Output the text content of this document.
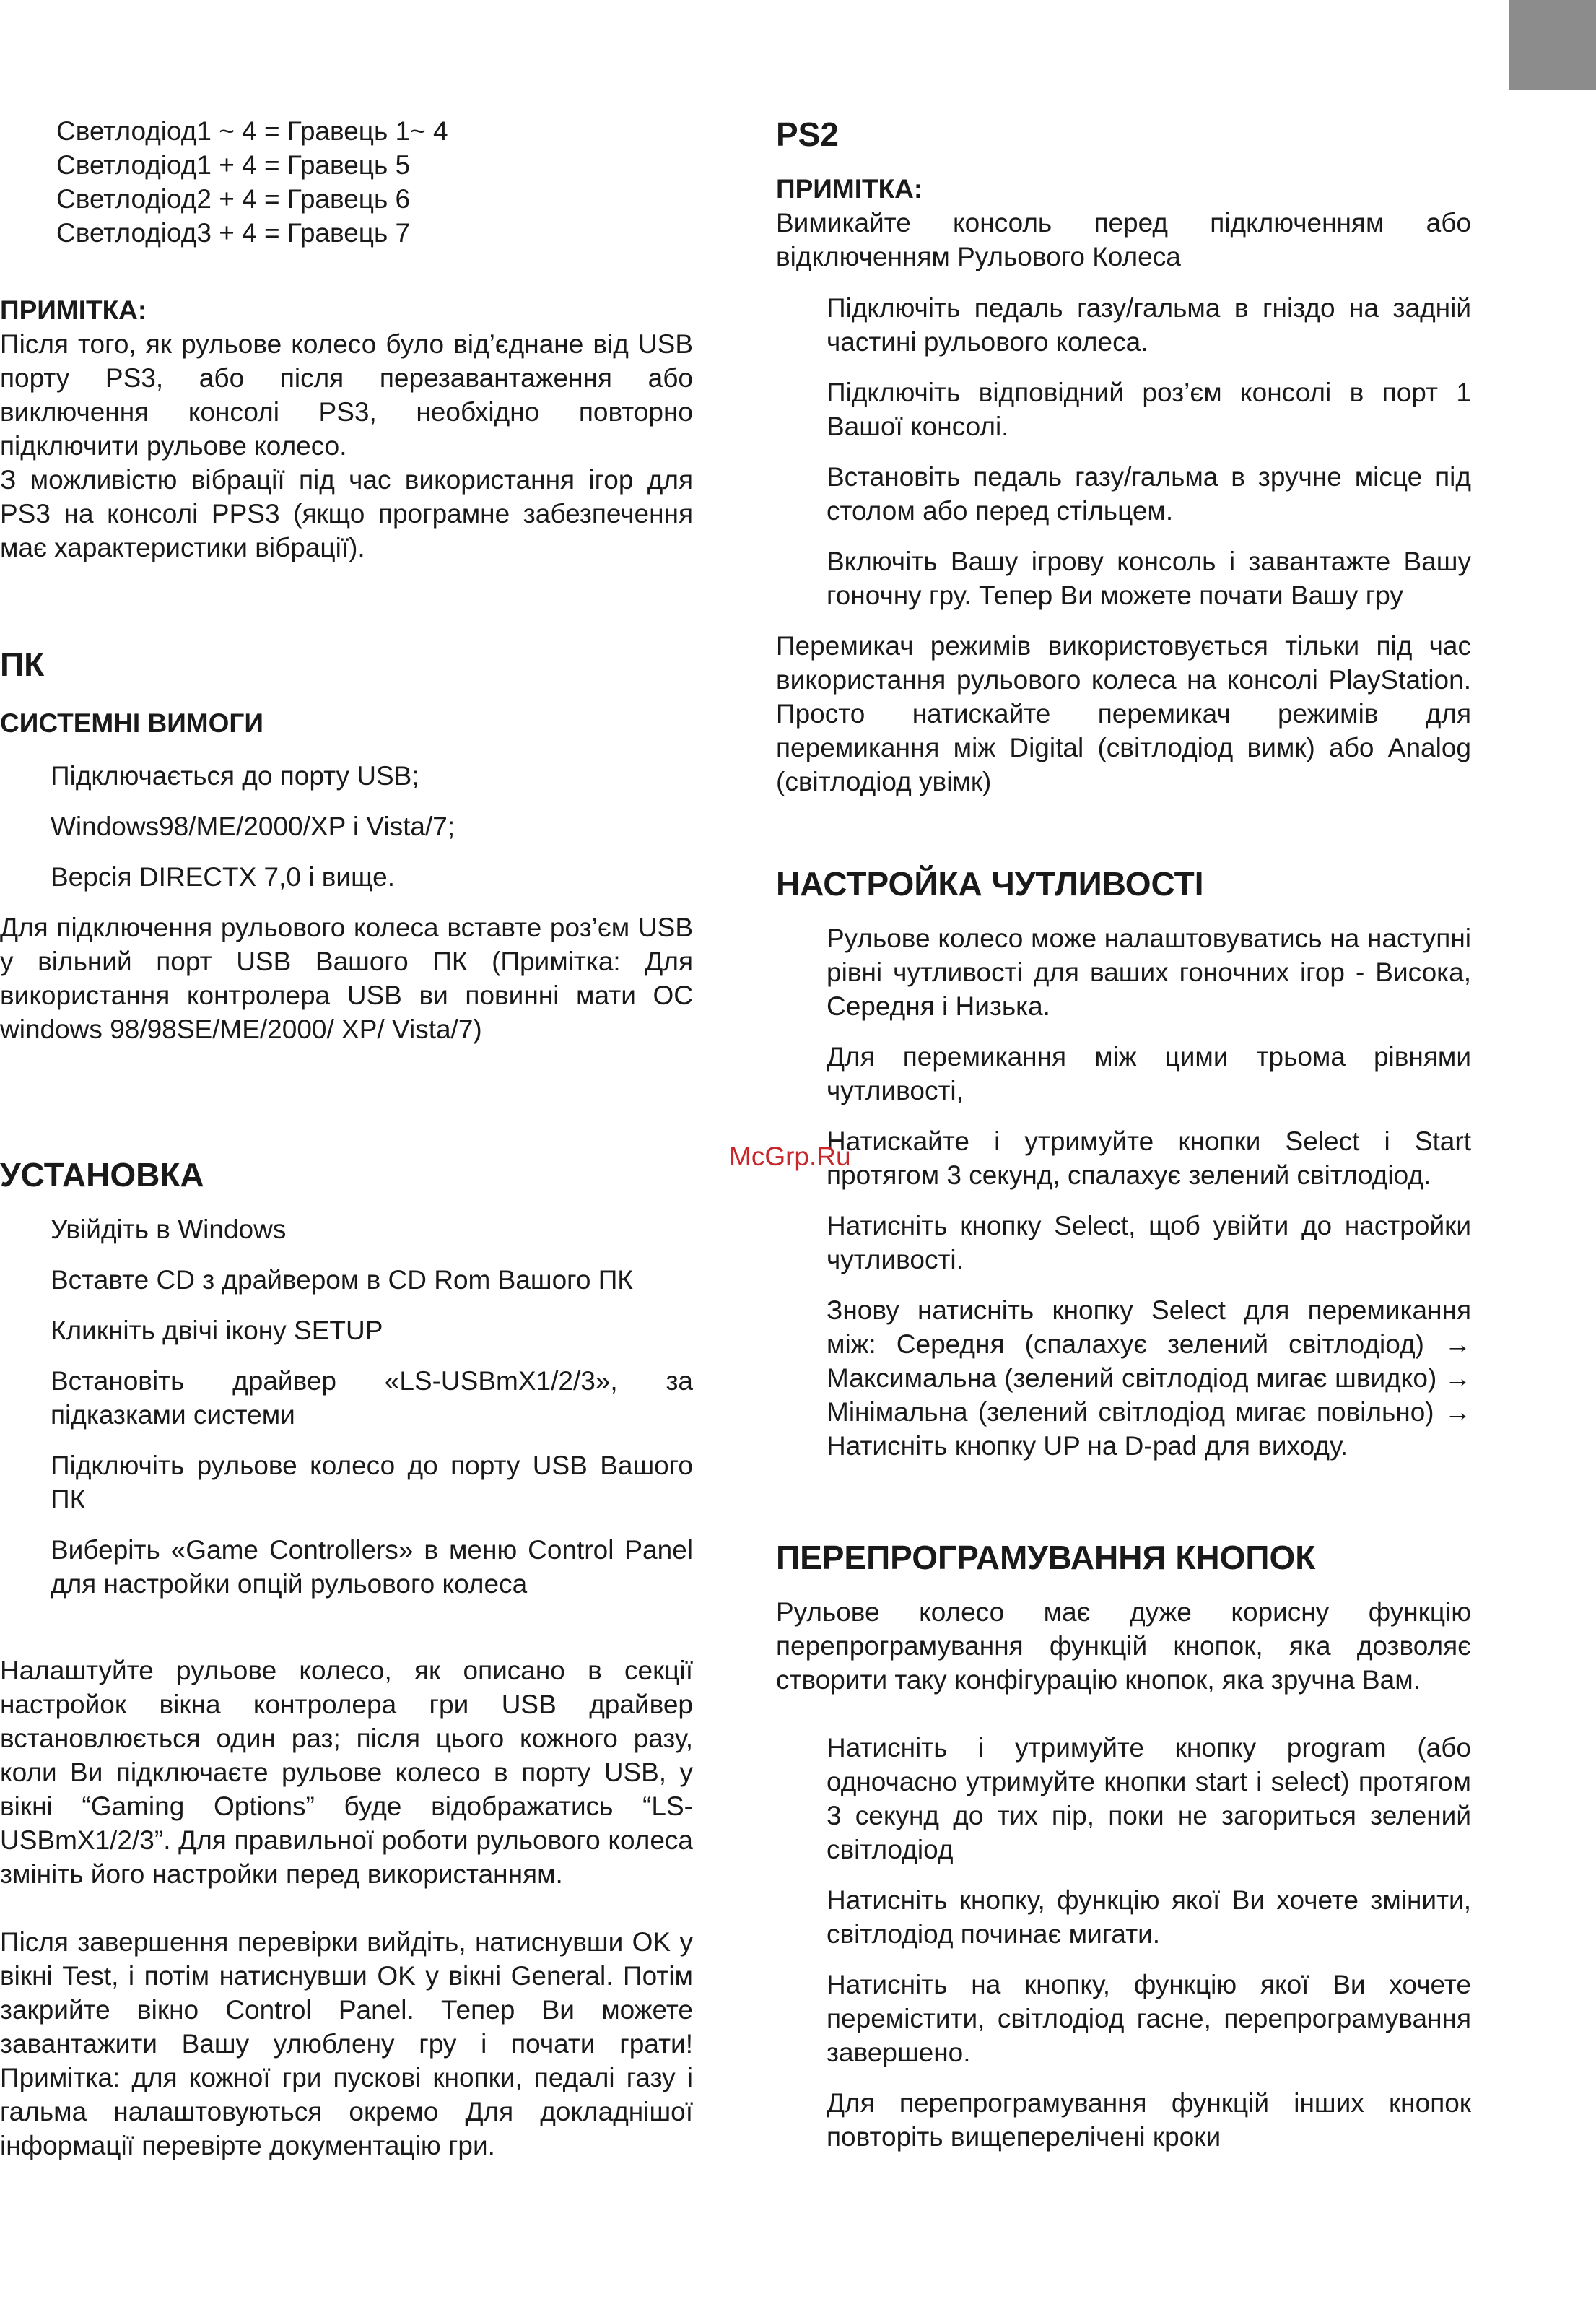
Светлодіод1 ~ 4 = Гравець 1~ 4
Светлодіод1 + 4 = Гравець 5
Светлодіод2 + 4 = Гравець 6
Светлодіод3 + 4 = Гравець 7

ПРИМІТКА:

Після того, як рульове колесо було від’єднане від USB порту PS3, або після перезавантаження або виключення консолі PS3, необхідно повторно підключити рульове колесо.

З можливістю вібрації під час використання ігор для PS3 на консолі PPS3 (якщо програмне забезпечення має характеристики вібрації).

ПК

СИСТЕМНІ ВИМОГИ

Підключається до порту USB;

Windows98/ME/2000/XP і Vista/7;

Версія DIRECTX 7,0 і вище.

Для підключення рульового колеса вставте роз’єм USB у вільний порт USB Вашого ПК (Примітка: Для використання контролера USB ви повинні мати ОС windows 98/98SE/ME/2000/ XP/ Vista/7)

УСТАНОВКА

Увійдіть в Windows

Вставте CD з драйвером в CD Rom Вашого ПК

Кликніть двічі ікону SETUP

Встановіть драйвер «LS-USBmX1/2/3», за підказками системи

Підключіть рульове колесо до порту USB Вашого ПК

Виберіть «Game Controllers» в меню Control Panel для настройки опцій рульового колеса

Налаштуйте рульове колесо, як описано в секції настройок вікна контролера гри USB драйвер встановлюється один раз; після цього кожного разу, коли Ви підключаєте рульове колесо в порту USB, у вікні “Gaming Options” буде відображатись “LS-USBmX1/2/3”. Для правильної роботи рульового колеса змініть його настройки перед використанням.

Після завершення перевірки вийдіть, натиснувши OK у вікні Test, і потім натиснувши OK у вікні General. Потім закрийте вікно Control Panel. Тепер Ви можете завантажити Вашу улюблену гру і почати грати! Примітка: для кожної гри пускові кнопки, педалі газу і гальма налаштовуються окремо Для докладнішої інформації перевірте документацію гри.

PS2

ПРИМІТКА:

Вимикайте консоль перед підключенням або відключенням Рульового Колеса

Підключіть педаль газу/гальма в гніздо на задній частині рульового колеса.

Підключіть відповідний роз’єм консолі в порт 1 Вашої консолі.

Встановіть педаль газу/гальма в зручне місце під столом або перед стільцем.

Включіть Вашу ігрову консоль і завантажте Вашу гоночну гру. Тепер Ви можете почати Вашу гру

Перемикач режимів використовується тільки під час використання рульового колеса на консолі PlayStation. Просто натискайте перемикач режимів для перемикання між Digital (світлодіод вимк) або Analog (світлодіод увімк)

НАСТРОЙКА ЧУТЛИВОСТІ

Рульове колесо може налаштовуватись на наступні рівні чутливості для ваших гоночних ігор - Висока, Середня і Низька.

Для перемикання між цими трьома рівнями чутливості,

Натискайте і утримуйте кнопки Select і Start протягом 3 секунд, спалахує зелений світлодіод.

Натисніть кнопку Select, щоб увійти до настройки чутливості.

Знову натисніть кнопку Select для перемикання між: Середня (спалахує зелений світлодіод) → Максимальна (зелений світлодіод мигає швидко) → Мінімальна (зелений світлодіод мигає повільно) → Натисніть кнопку UP на D-pad для виходу.

ПЕРЕПРОГРАМУВАННЯ КНОПОК

Рульове колесо має дуже корисну функцію перепрограмування функцій кнопок, яка дозволяє створити таку конфігурацію кнопок, яка зручна Вам.

Натисніть і утримуйте кнопку program (або одночасно утримуйте кнопки start і select) протягом 3 секунд до тих пір, поки не загориться зелений світлодіод

Натисніть кнопку, функцію якої Ви хочете змінити, світлодіод починає мигати.

Натисніть на кнопку, функцію якої Ви хочете перемістити, світлодіод гасне, перепрограмування завершено.

Для перепрограмування функцій інших кнопок повторіть вищеперелічені кроки

McGrp.Ru
